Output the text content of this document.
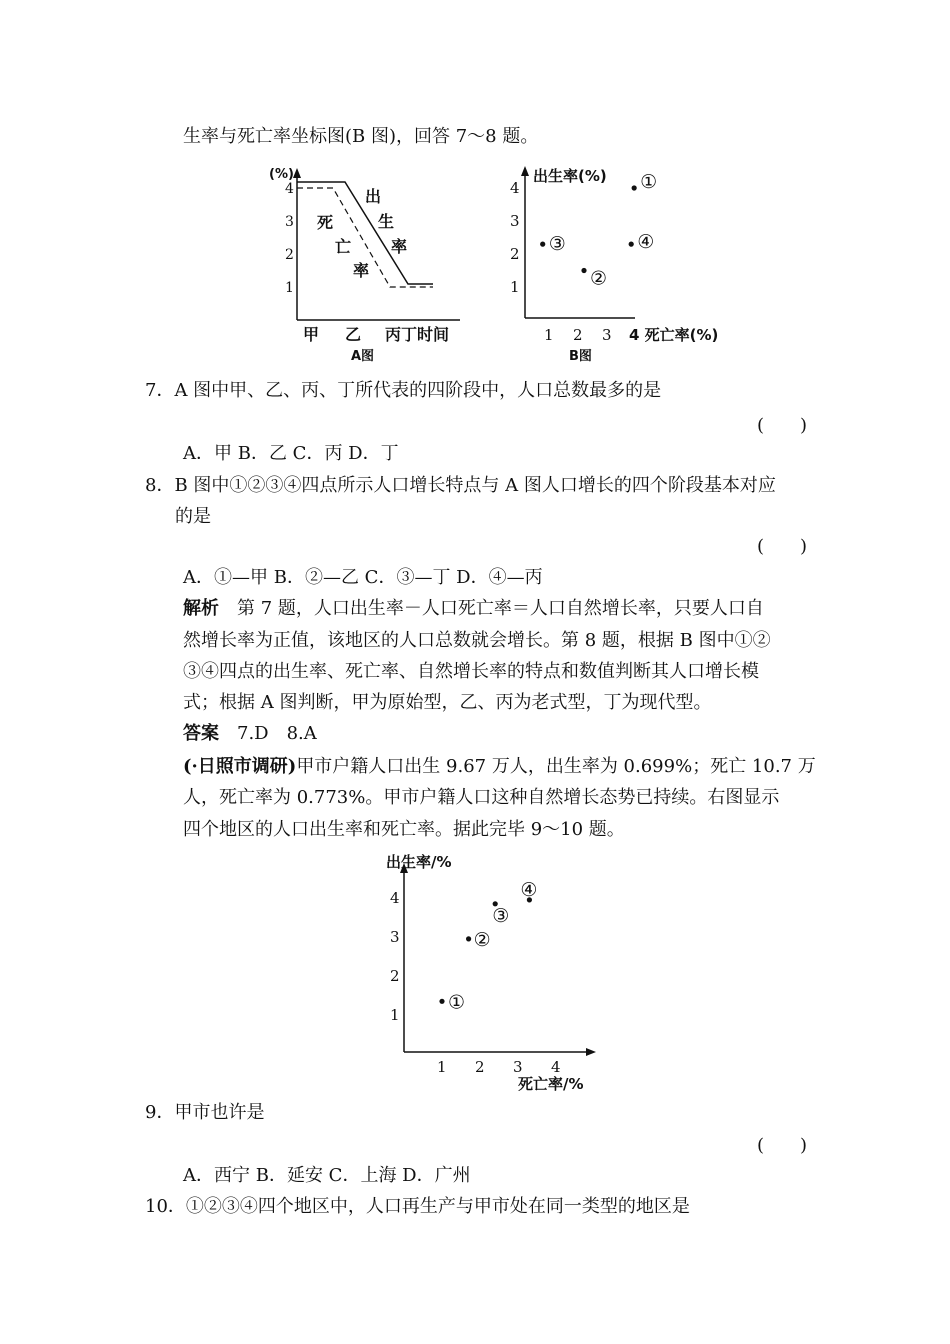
生率与死亡率坐标图(B 图)，回答 7～8 题。
(%)
4
3
2
1
出
生
率
死
亡
率
甲 乙 丙丁时间
A图
出生率(%)
4
3
2
1
1 2 3 4 死亡率(%)
B图
①
②
③	④
7．A 图中甲、乙、丙、丁所代表的四阶段中，人口总数最多的是
(　　)
A．甲 B．乙 C．丙 D．丁
8．B 图中①②③④四点所示人口增长特点与 A 图人口增长的四个阶段基本对应
的是
(　　)
A．①—甲 B．②—乙 C．③—丁 D．④—丙
解析　 第 7 题，人口出生率－人口死亡率＝人口自然增长率，只要人口自
然增长率为正值，该地区的人口总数就会增长。第 8 题，根据 B 图中①②
③④四点的出生率、死亡率、自然增长率的特点和数值判断其人口增长模
式；根据 A 图判断，甲为原始型，乙、丙为老式型，丁为现代型。
答案　 7.D　8.A
(·日照市调研)甲市户籍人口出生 9.67 万人，出生率为 0.699%；死亡 10.7 万
人，死亡率为 0.773%。甲市户籍人口这种自然增长态势已持续。右图显示
四个地区的人口出生率和死亡率。据此完毕 9～10 题。
出生率/%
4
3
2
1
1 2 3 4
死亡率/%
①
②
③
④
9．甲市也许是
(　　)
A．西宁 B．延安 C．上海 D．广州
10．①②③④四个地区中，人口再生产与甲市处在同一类型的地区是
